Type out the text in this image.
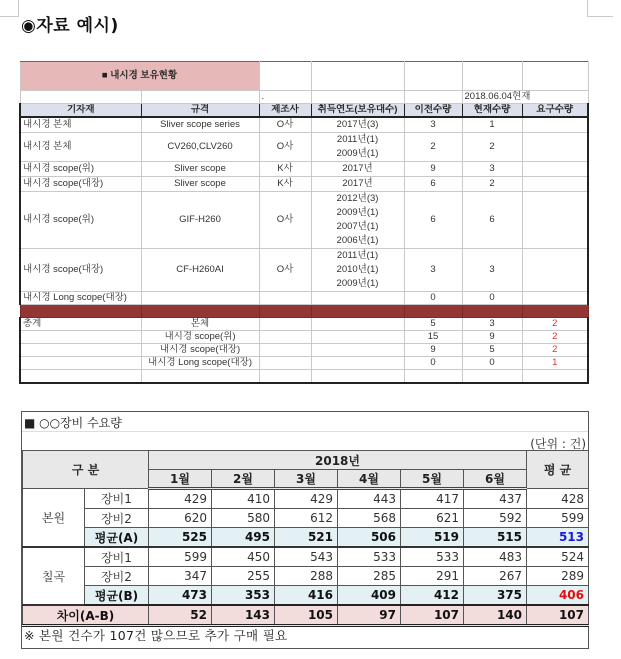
◉자료 예시)
■ 내시경 보유현황						
		.			2018.06.04현재	
기자재	규격	제조사	취득연도(보유대수)	이전수량	현재수량	요구수량
내시경 본체	Sliver scope series	O사	2017년(3)	3	1	
내시경 본체	CV260,CLV260	O사	2011년(1)
2009년(1)	2	2	
내시경 scope(위)	Sliver scope	K사	2017년	9	3	
내시경 scope(대장)	Sliver scope	K사	2017년	6	2	
내시경 scope(위)	GIF-H260	O사	2012년(3)
2009년(1)
2007년(1)
2006년(1)	6	6	
내시경 scope(대장)	CF-H260AI	O사	2011년(1)
2010년(1)
2009년(1)	3	3	
내시경 Long scope(대장)				0	0	

총계	본체			5	3	2
	내시경 scope(위)			15	9	2
	내시경 scope(대장)			9	5	2
	내시경 Long scope(대장)			0	0	1

■ ○○장비 수요량
(단위 : 건)
구 분		2018년						평 균
		1월	2월	3월	4월	5월	6월	
본원	장비1	429	410	429	443	417	437	428
	장비2	620	580	612	568	621	592	599
	평균(A)	525	495	521	506	519	515	513
칠곡	장비1	599	450	543	533	533	483	524
	장비2	347	255	288	285	291	267	289
	평균(B)	473	353	416	409	412	375	406
차이(A-B)		52	143	105	97	107	140	107
※ 본원 건수가 107건 많으므로 추가 구매 필요
